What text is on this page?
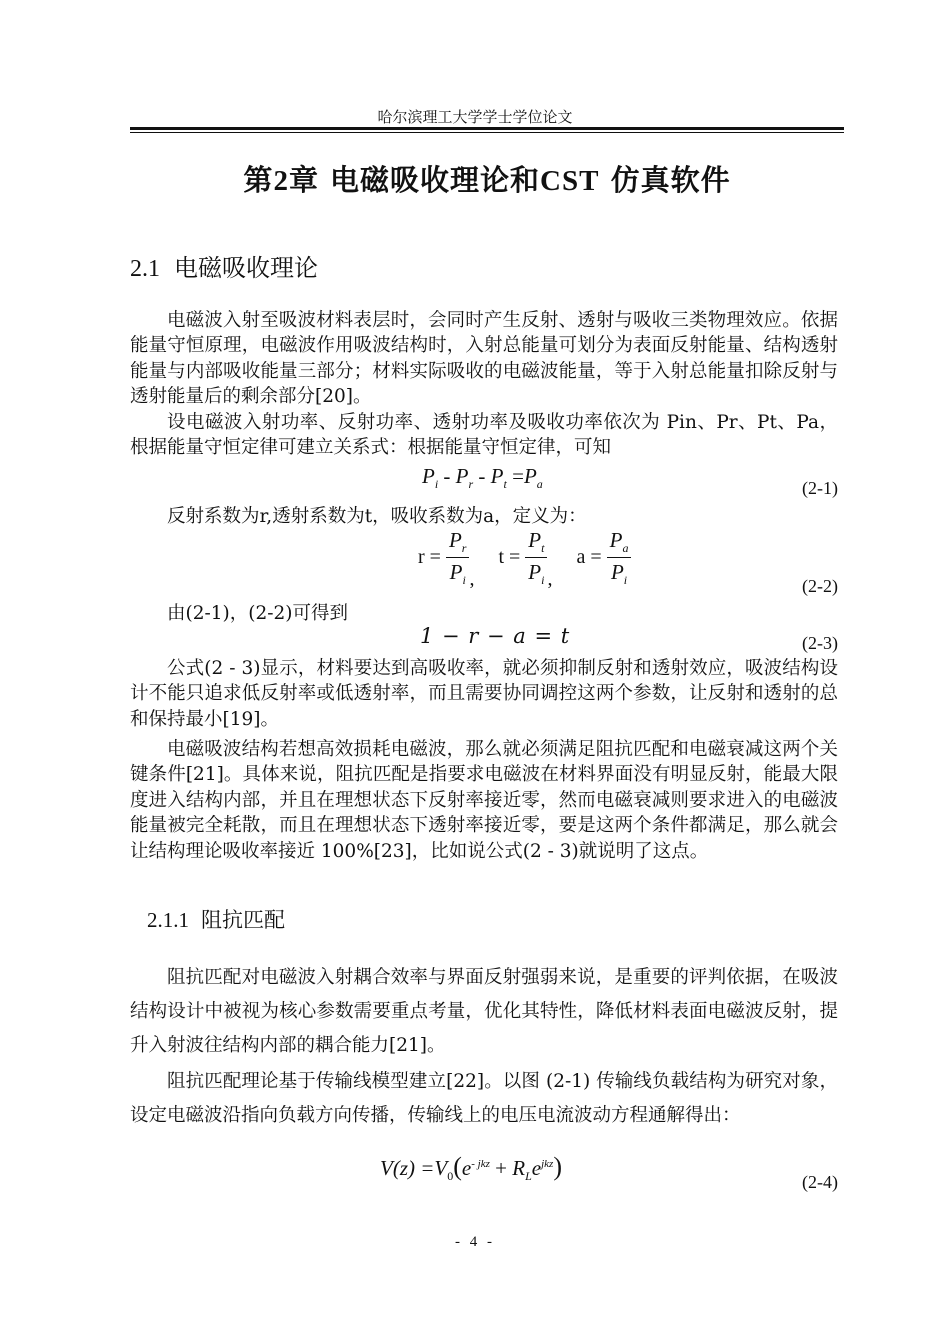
哈尔滨理工大学学士学位论文
第2章 电磁吸收理论和CST 仿真软件
2.1 电磁吸收理论
电磁波入射至吸波材料表层时，会同时产生反射、透射与吸收三类物理效应。依据能量守恒原理，电磁波作用吸波结构时，入射总能量可划分为表面反射能量、结构透射能量与内部吸收能量三部分；材料实际吸收的电磁波能量，等于入射总能量扣除反射与透射能量后的剩余部分[20]。
设电磁波入射功率、反射功率、透射功率及吸收功率依次为 Pin、Pr、Pt、Pa，根据能量守恒定律可建立关系式：根据能量守恒定律，可知
$P_i - P_r - P_t =P_a$	(2-1)
反射系数为r,透射系数为t，吸收系数为a，定义为：
$r = \frac{P_r}{P_i}$ ,  $t = \frac{P_t}{P_i}$ ,  $a = \frac{P_a}{P_i}$	(2-2)
由(2-1)，(2-2)可得到
1 − r − a = t	(2-3)
公式(2 - 3)显示，材料要达到高吸收率，就必须抑制反射和透射效应，吸波结构设计不能只追求低反射率或低透射率，而且需要协同调控这两个参数，让反射和透射的总和保持最小[19]。
电磁吸波结构若想高效损耗电磁波，那么就必须满足阻抗匹配和电磁衰减这两个关键条件[21]。具体来说，阻抗匹配是指要求电磁波在材料界面没有明显反射，能最大限度进入结构内部，并且在理想状态下反射率接近零，然而电磁衰减则要求进入的电磁波能量被完全耗散，而且在理想状态下透射率接近零，要是这两个条件都满足，那么就会让结构理论吸收率接近 100%[23]，比如说公式(2 - 3)就说明了这点。
2.1.1 阻抗匹配
阻抗匹配对电磁波入射耦合效率与界面反射强弱来说，是重要的评判依据，在吸波结构设计中被视为核心参数需要重点考量，优化其特性，降低材料表面电磁波反射，提升入射波往结构内部的耦合能力[21]。
阻抗匹配理论基于传输线模型建立[22]。以图 (2-1) 传输线负载结构为研究对象，设定电磁波沿指向负载方向传播，传输线上的电压电流波动方程通解得出：
$V(z) =V_0(e^{- jkz} + R_Le^{jkz})$
(2-4)
- 4 -
